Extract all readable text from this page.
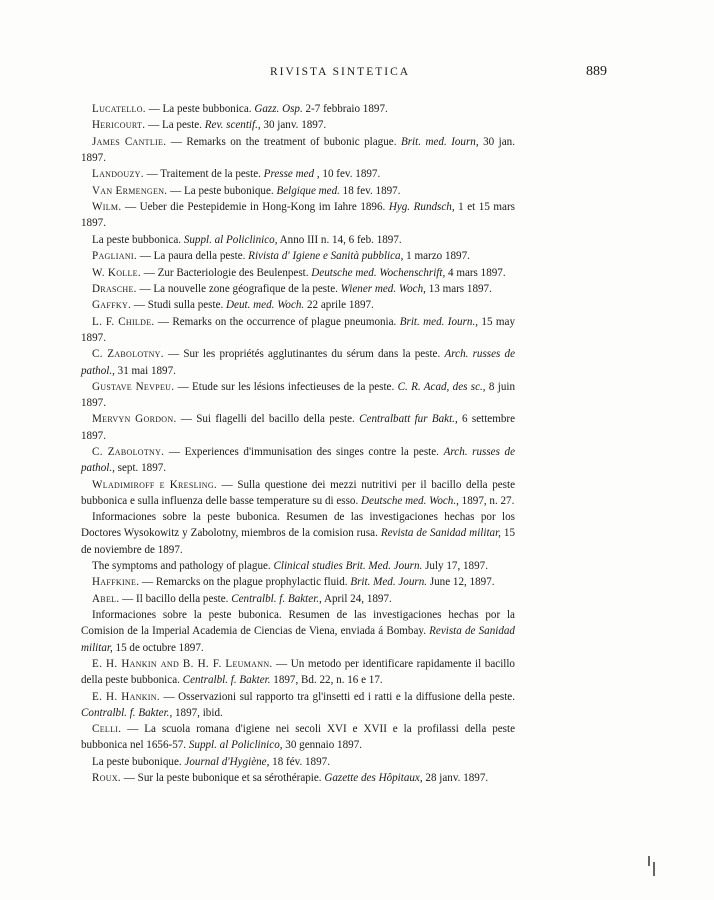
RIVISTA SINTETICA	889

Lucatello. — La peste bubbonica. Gazz. Osp. 2-7 febbraio 1897.

Hericourt. — La peste. Rev. scentif., 30 janv. 1897.

James Cantlie. — Remarks on the treatment of bubonic plague. Brit. med. Iourn, 30 jan. 1897.

Landouzy. — Traitement de la peste. Presse med , 10 fev. 1897.

Van Ermengen. — La peste bubonique. Belgique med. 18 fev. 1897.

Wilm. — Ueber die Pestepidemie in Hong-Kong im Iahre 1896. Hyg. Rundsch, 1 et 15 mars 1897.

La peste bubbonica. Suppl. al Policlinico, Anno III n. 14, 6 feb. 1897.

Pagliani. — La paura della peste. Rivista d' Igiene e Sanità pubblica, 1 marzo 1897.

W. Kolle. — Zur Bacteriologie des Beulenpest. Deutsche med. Wochenschrift, 4 mars 1897.

Drasche. — La nouvelle zone géografique de la peste. Wiener med. Woch, 13 mars 1897.

Gaffky. — Studi sulla peste. Deut. med. Woch. 22 aprile 1897.

L. F. Childe. — Remarks on the occurrence of plague pneumonia. Brit. med. Iourn., 15 may 1897.

C. Zabolotny. — Sur les propriétés agglutinantes du sérum dans la peste. Arch. russes de pathol., 31 mai 1897.

Gustave Nevpeu. — Etude sur les lésions infectieuses de la peste. C. R. Acad, des sc., 8 juin 1897.

Mervyn Gordon. — Sui flagelli del bacillo della peste. Centralbatt fur Bakt., 6 settembre 1897.

C. Zabolotny. — Experiences d'immunisation des singes contre la peste. Arch. russes de pathol., sept. 1897.

Wladimiroff e Kresling. — Sulla questione dei mezzi nutritivi per il bacillo della peste bubbonica e sulla influenza delle basse temperature su di esso. Deutsche med. Woch., 1897, n. 27.

Informaciones sobre la peste bubonica. Resumen de las investigaciones hechas por los Doctores Wysokowitz y Zabolotny, miembros de la comision rusa. Revista de Sanidad militar, 15 de noviembre de 1897.

The symptoms and pathology of plague. Clinical studies Brit. Med. Journ. July 17, 1897.

Haffkine. — Remarcks on the plague prophylactic fluid. Brit. Med. Journ. June 12, 1897.

Abel. — Il bacillo della peste. Centralbl. f. Bakter., April 24, 1897.

Informaciones sobre la peste bubonica. Resumen de las investigaciones hechas por la Comision de la Imperial Academia de Ciencias de Viena, enviada á Bombay. Revista de Sanidad militar, 15 de octubre 1897.

E. H. Hankin and B. H. F. Leumann. — Un metodo per identificare rapidamente il bacillo della peste bubbonica. Centralbl. f. Bakter. 1897, Bd. 22, n. 16 e 17.

E. H. Hankin. — Osservazioni sul rapporto tra gl'insetti ed i ratti e la diffusione della peste. Contralbl. f. Bakter., 1897, ibid.

Celli. — La scuola romana d'igiene nei secoli XVI e XVII e la profilassi della peste bubbonica nel 1656-57. Suppl. al Policlinico, 30 gennaio 1897.

La peste bubonique. Journal d'Hygiène, 18 fév. 1897.

Roux. — Sur la peste bubonique et sa sérothérapie. Gazette des Hôpitaux, 28 janv. 1897.
